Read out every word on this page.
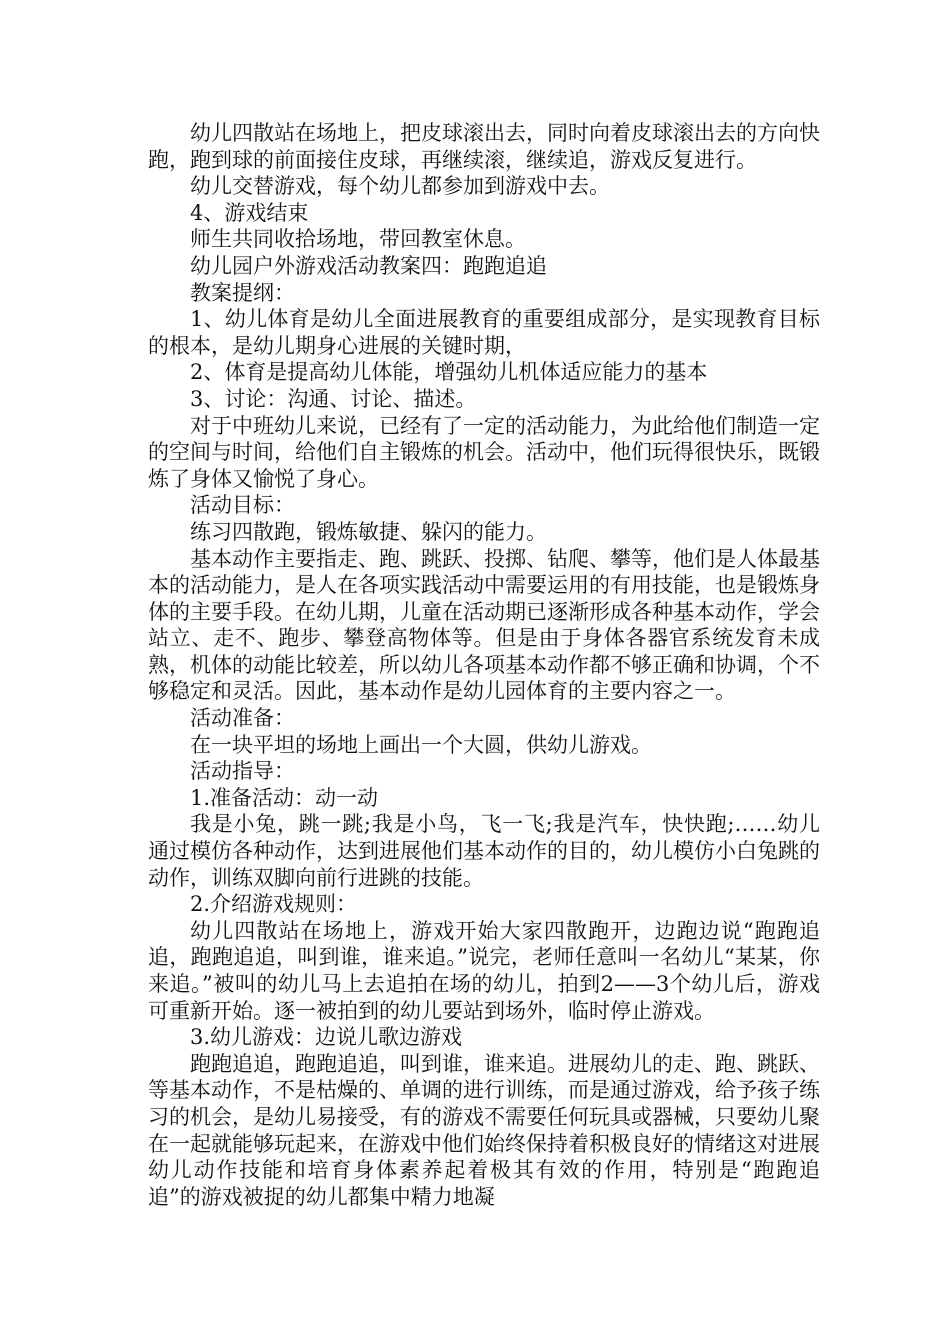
幼儿四散站在场地上，把皮球滚出去，同时向着皮球滚出去的方向快跑，跑到球的前面接住皮球，再继续滚，继续追，游戏反复进行。

幼儿交替游戏，每个幼儿都参加到游戏中去。

4、游戏结束

师生共同收拾场地，带回教室休息。

幼儿园户外游戏活动教案四：跑跑追追

教案提纲：

1、幼儿体育是幼儿全面进展教育的重要组成部分，是实现教育目标的根本，是幼儿期身心进展的关键时期，

2、体育是提高幼儿体能，增强幼儿机体适应能力的基本

3、讨论：沟通、讨论、描述。

对于中班幼儿来说，已经有了一定的活动能力，为此给他们制造一定的空间与时间，给他们自主锻炼的机会。活动中，他们玩得很快乐，既锻炼了身体又愉悦了身心。

活动目标：

练习四散跑，锻炼敏捷、躲闪的能力。

基本动作主要指走、跑、跳跃、投掷、钻爬、攀等，他们是人体最基本的活动能力，是人在各项实践活动中需要运用的有用技能，也是锻炼身体的主要手段。在幼儿期，儿童在活动期已逐渐形成各种基本动作，学会站立、走不、跑步、攀登高物体等。但是由于身体各器官系统发育未成熟，机体的动能比较差，所以幼儿各项基本动作都不够正确和协调，个不够稳定和灵活。因此，基本动作是幼儿园体育的主要内容之一。

活动准备：

在一块平坦的场地上画出一个大圆，供幼儿游戏。

活动指导：

1.准备活动：动一动

我是小兔，跳一跳;我是小鸟，飞一飞;我是汽车，快快跑;……幼儿通过模仿各种动作，达到进展他们基本动作的目的，幼儿模仿小白兔跳的动作，训练双脚向前行进跳的技能。

2.介绍游戏规则：

幼儿四散站在场地上，游戏开始大家四散跑开，边跑边说“跑跑追追，跑跑追追，叫到谁，谁来追。”说完，老师任意叫一名幼儿“某某，你来追。”被叫的幼儿马上去追拍在场的幼儿，拍到2——3个幼儿后，游戏可重新开始。逐一被拍到的幼儿要站到场外，临时停止游戏。

3.幼儿游戏：边说儿歌边游戏

跑跑追追，跑跑追追，叫到谁，谁来追。进展幼儿的走、跑、跳跃、等基本动作，不是枯燥的、单调的进行训练，而是通过游戏，给予孩子练习的机会，是幼儿易接受，有的游戏不需要任何玩具或器械，只要幼儿聚在一起就能够玩起来，在游戏中他们始终保持着积极良好的情绪这对进展幼儿动作技能和培育身体素养起着极其有效的作用，特别是“跑跑追追”的游戏被捉的幼儿都集中精力地凝
